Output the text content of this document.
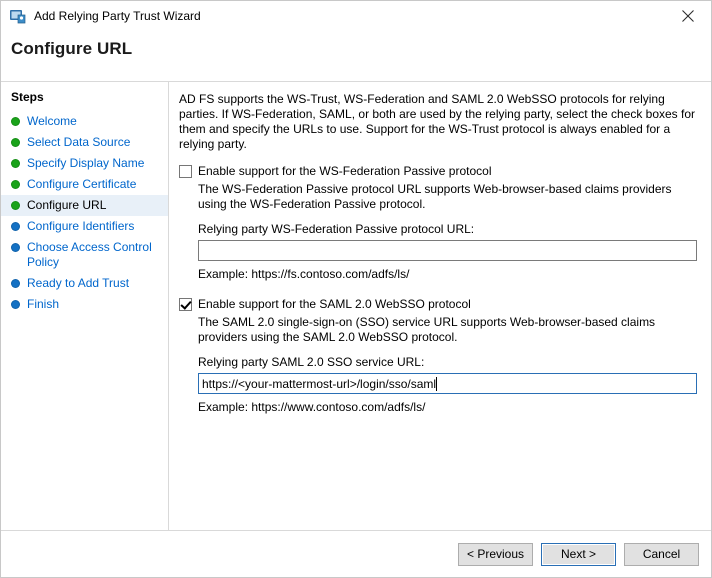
Add Relying Party Trust Wizard
Configure URL
Steps
Welcome
Select Data Source
Specify Display Name
Configure Certificate
Configure URL
Configure Identifiers
Choose Access Control Policy
Ready to Add Trust
Finish

AD FS supports the WS-Trust, WS-Federation and SAML 2.0 WebSSO protocols for relying parties. If WS-Federation, SAML, or both are used by the relying party, select the check boxes for them and specify the URLs to use. Support for the WS-Trust protocol is always enabled for a relying party.

Enable support for the WS-Federation Passive protocol
The WS-Federation Passive protocol URL supports Web-browser-based claims providers using the WS-Federation Passive protocol.
Relying party WS-Federation Passive protocol URL:
Example: https://fs.contoso.com/adfs/ls/
Enable support for the SAML 2.0 WebSSO protocol
The SAML 2.0 single-sign-on (SSO) service URL supports Web-browser-based claims providers using the SAML 2.0 WebSSO protocol.
Relying party SAML 2.0 SSO service URL:
https://<your-mattermost-url>/login/sso/saml
Example: https://www.contoso.com/adfs/ls/
< Previous	Next >	Cancel
